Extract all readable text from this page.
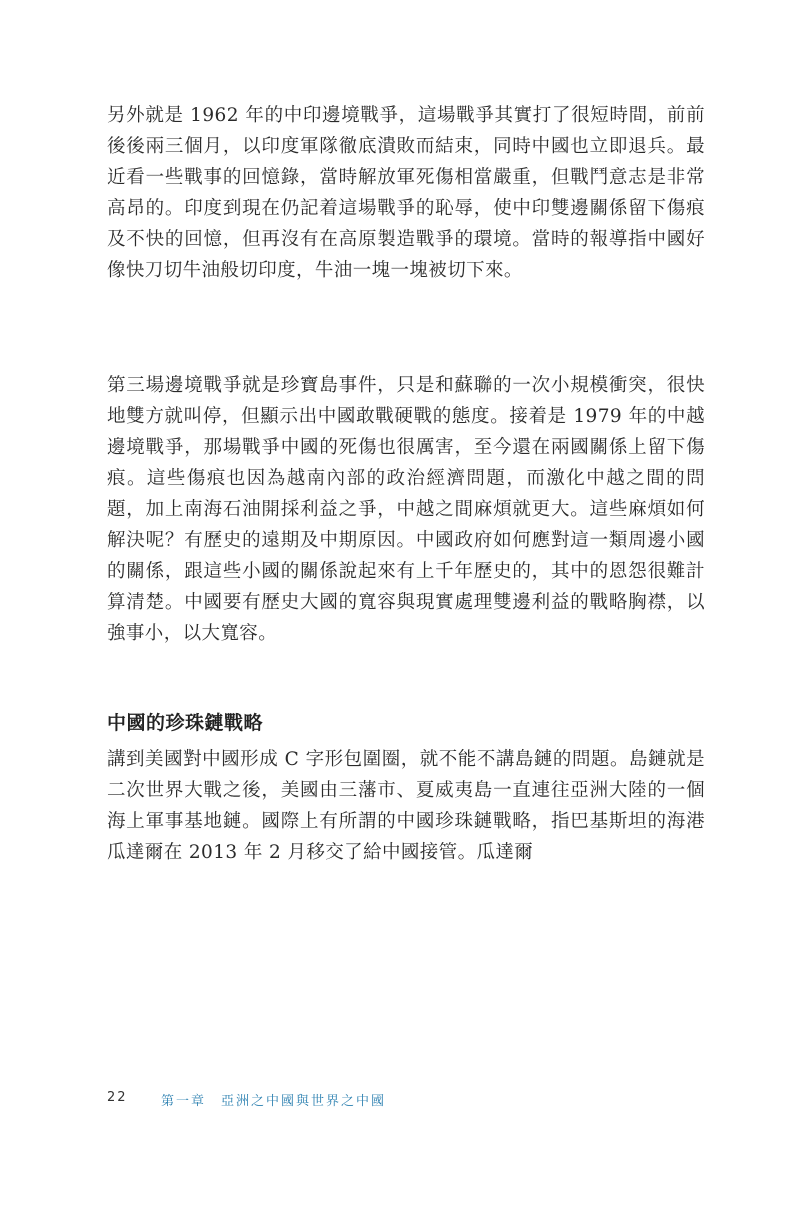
另外就是 1962 年的中印邊境戰爭，這場戰爭其實打了很短時間，前前後後兩三個月，以印度軍隊徹底潰敗而結束，同時中國也立即退兵。最近看一些戰事的回憶錄，當時解放軍死傷相當嚴重，但戰鬥意志是非常高昂的。印度到現在仍記着這場戰爭的恥辱，使中印雙邊關係留下傷痕及不快的回憶，但再沒有在高原製造戰爭的環境。當時的報導指中國好像快刀切牛油般切印度，牛油一塊一塊被切下來。

第三場邊境戰爭就是珍寶島事件，只是和蘇聯的一次小規模衝突，很快地雙方就叫停，但顯示出中國敢戰硬戰的態度。接着是 1979 年的中越邊境戰爭，那場戰爭中國的死傷也很厲害，至今還在兩國關係上留下傷痕。這些傷痕也因為越南內部的政治經濟問題，而激化中越之間的問題，加上南海石油開採利益之爭，中越之間麻煩就更大。這些麻煩如何解決呢？有歷史的遠期及中期原因。中國政府如何應對這一類周邊小國的關係，跟這些小國的關係說起來有上千年歷史的，其中的恩怨很難計算清楚。中國要有歷史大國的寬容與現實處理雙邊利益的戰略胸襟，以強事小，以大寬容。

中國的珍珠鏈戰略

講到美國對中國形成 C 字形包圍圈，就不能不講島鏈的問題。島鏈就是二次世界大戰之後，美國由三藩市、夏威夷島一直連往亞洲大陸的一個海上軍事基地鏈。國際上有所謂的中國珍珠鏈戰略，指巴基斯坦的海港瓜達爾在 2013 年 2 月移交了給中國接管。瓜達爾

22	第一章　亞洲之中國與世界之中國
